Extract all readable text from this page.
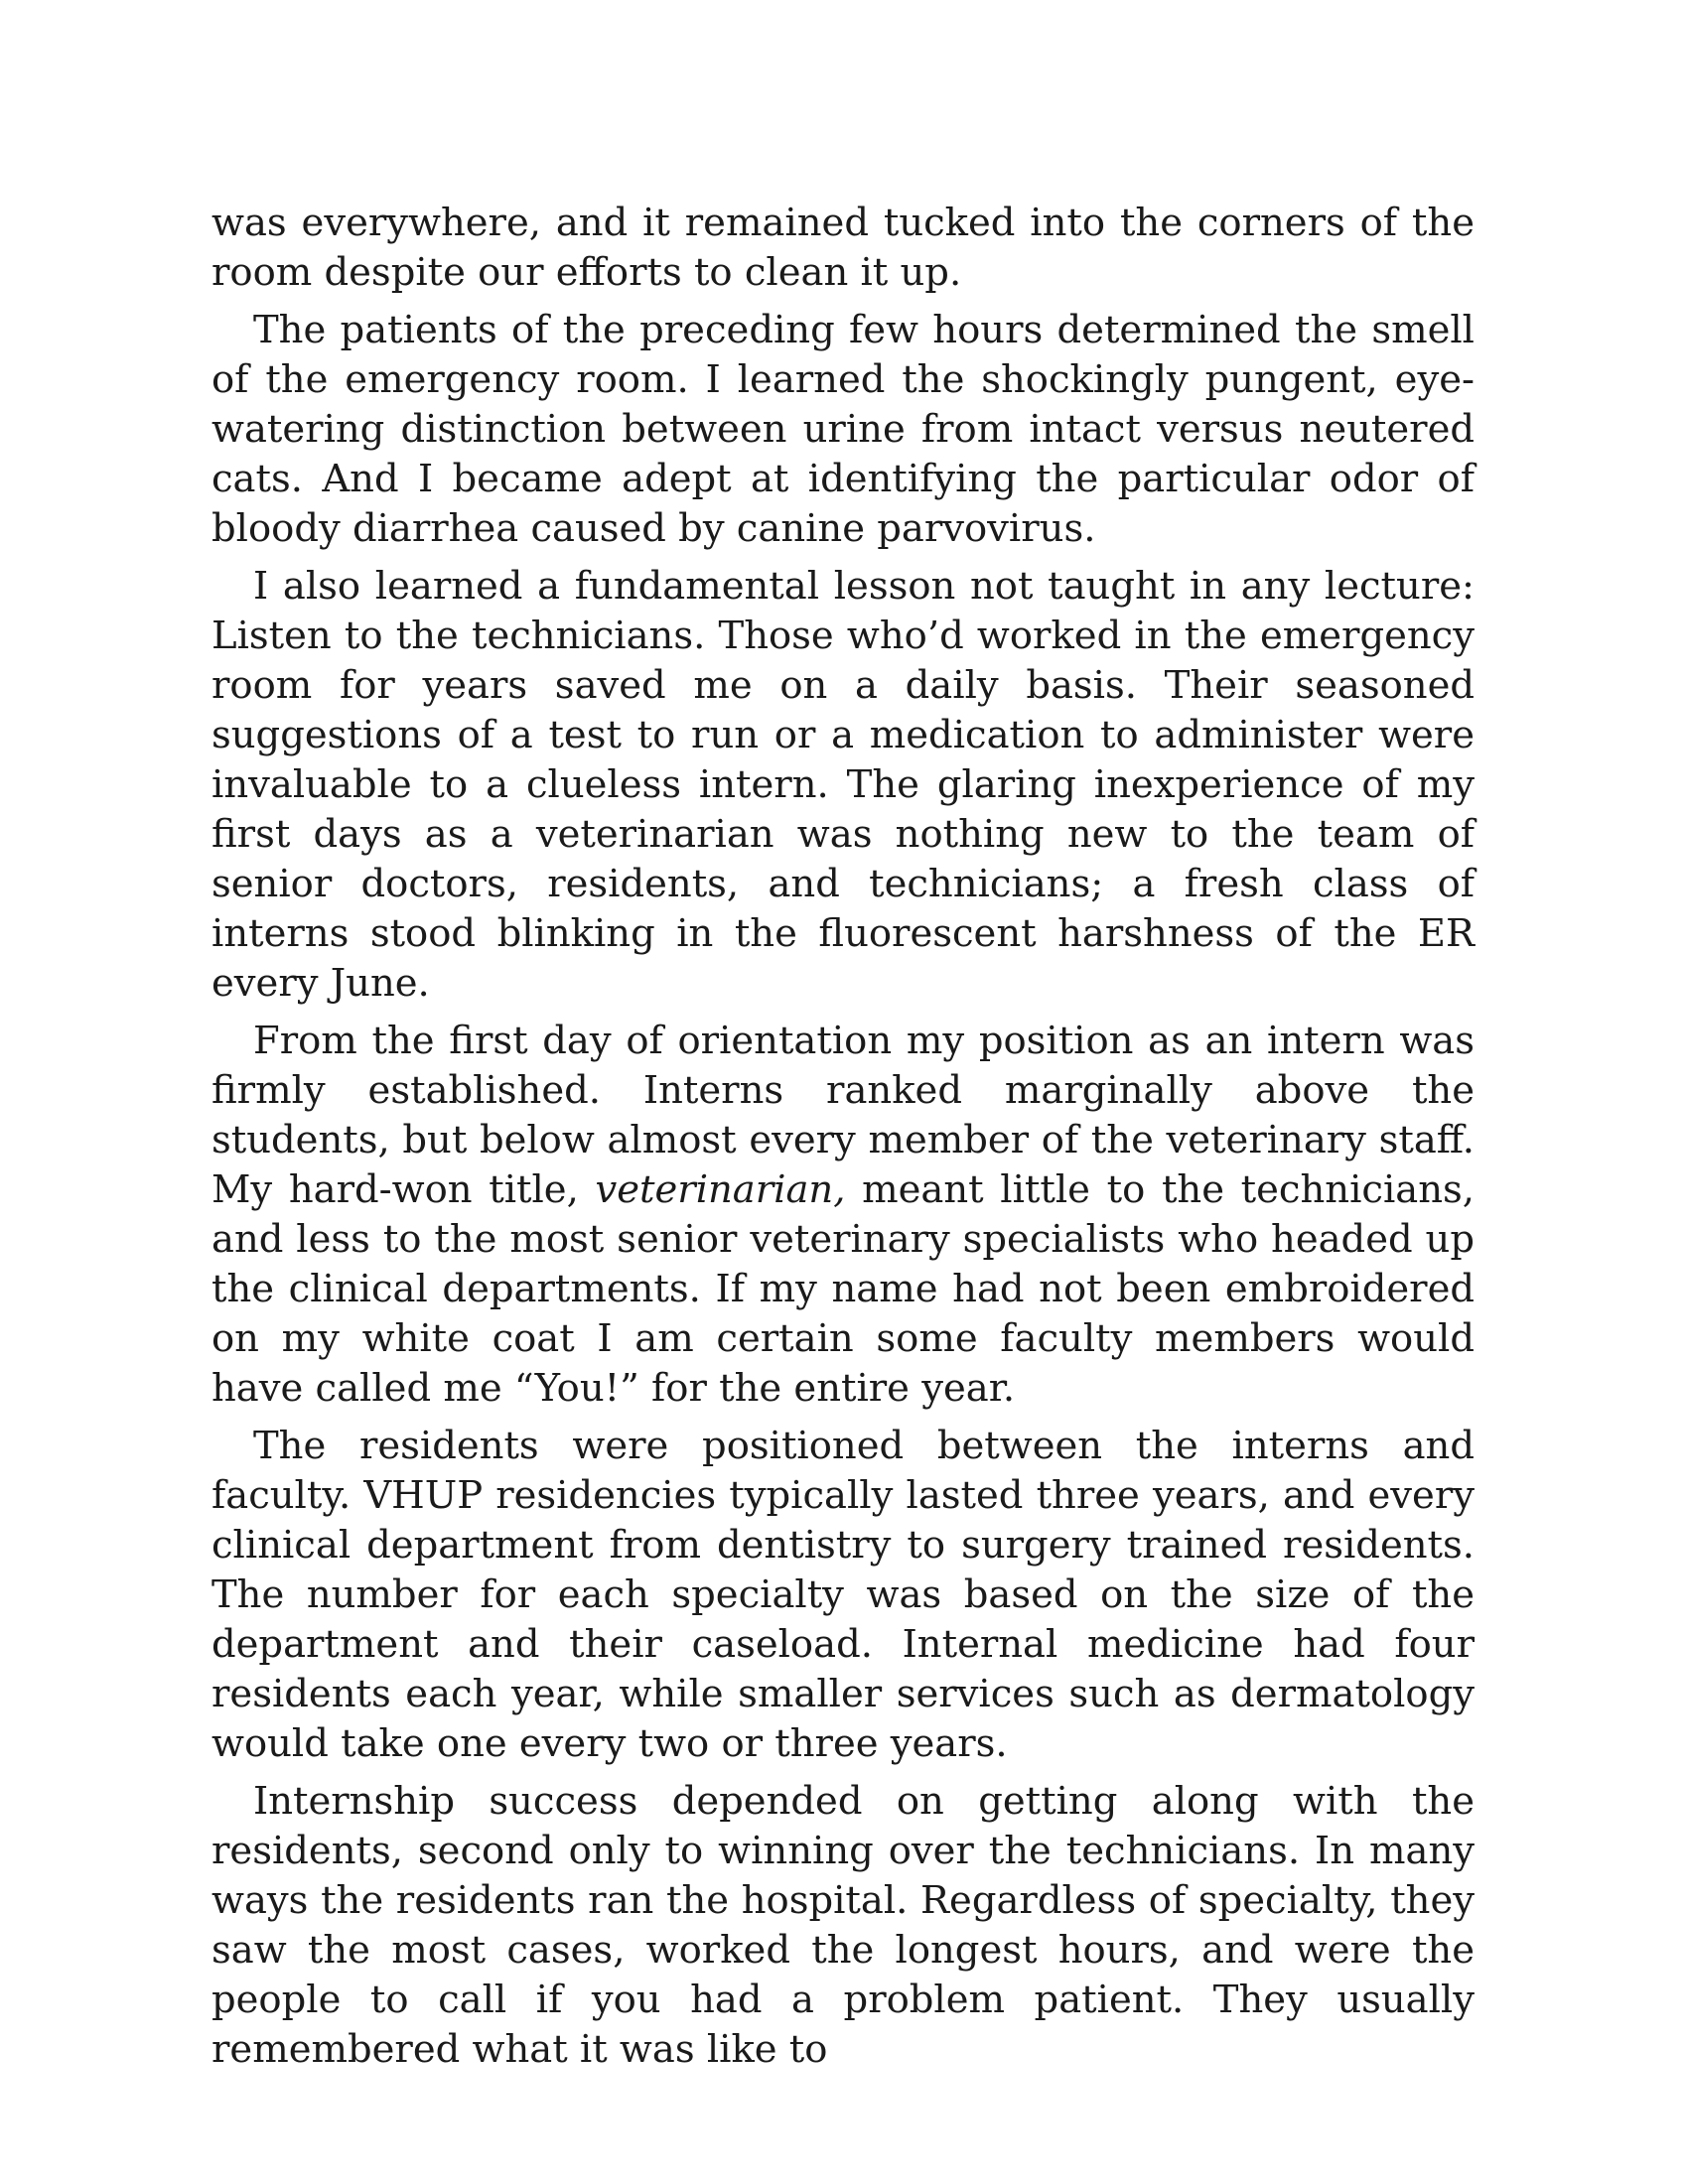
was everywhere, and it remained tucked into the corners of the room despite our efforts to clean it up.

The patients of the preceding few hours determined the smell of the emergency room. I learned the shockingly pungent, eye-watering distinction between urine from intact versus neutered cats. And I became adept at identifying the particular odor of bloody diarrhea caused by canine parvovirus.

I also learned a fundamental lesson not taught in any lecture: Listen to the technicians. Those who’d worked in the emergency room for years saved me on a daily basis. Their seasoned suggestions of a test to run or a medication to administer were invaluable to a clueless intern. The glaring inexperience of my first days as a veterinarian was nothing new to the team of senior doctors, residents, and technicians; a fresh class of interns stood blinking in the fluorescent harshness of the ER every June.

From the first day of orientation my position as an intern was firmly established. Interns ranked marginally above the students, but below almost every member of the veterinary staff. My hard-won title, veterinarian, meant little to the technicians, and less to the most senior veterinary specialists who headed up the clinical departments. If my name had not been embroidered on my white coat I am certain some faculty members would have called me “You!” for the entire year.

The residents were positioned between the interns and faculty. VHUP residencies typically lasted three years, and every clinical department from dentistry to surgery trained residents. The number for each specialty was based on the size of the department and their caseload. Internal medicine had four residents each year, while smaller services such as dermatology would take one every two or three years.

Internship success depended on getting along with the residents, second only to winning over the technicians. In many ways the residents ran the hospital. Regardless of specialty, they saw the most cases, worked the longest hours, and were the people to call if you had a problem patient. They usually remembered what it was like to
